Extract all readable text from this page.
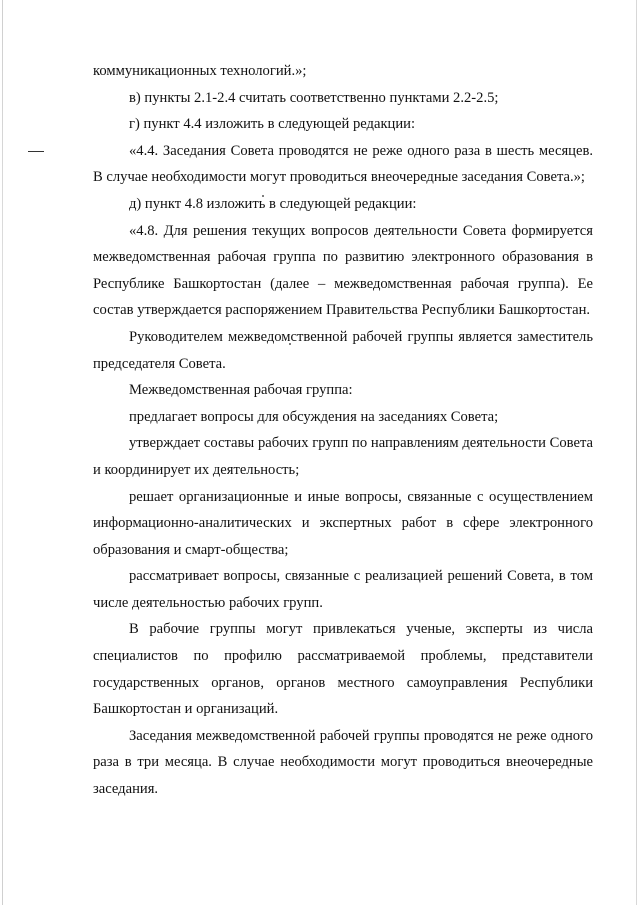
коммуникационных технологий.»;

в) пункты 2.1-2.4 считать соответственно пунктами 2.2-2.5;

г) пункт 4.4 изложить в следующей редакции:

«4.4. Заседания Совета проводятся не реже одного раза в шесть месяцев. В случае необходимости могут проводиться внеочередные заседания Совета.»;

д) пункт 4.8 изложить в следующей редакции:

«4.8. Для решения текущих вопросов деятельности Совета формируется межведомственная рабочая группа по развитию электронного образования в Республике Башкортостан (далее – межведомственная рабочая группа). Ее состав утверждается распоряжением Правительства Республики Башкортостан.

Руководителем межведомственной рабочей группы является заместитель председателя Совета.

Межведомственная рабочая группа:

предлагает вопросы для обсуждения на заседаниях Совета;

утверждает составы рабочих групп по направлениям деятельности Совета и координирует их деятельность;

решает организационные и иные вопросы, связанные с осуществлением информационно-аналитических и экспертных работ в сфере электронного образования и смарт-общества;

рассматривает вопросы, связанные с реализацией решений Совета, в том числе деятельностью рабочих групп.

В рабочие группы могут привлекаться ученые, эксперты из числа специалистов по профилю рассматриваемой проблемы, представители государственных органов, органов местного самоуправления Республики Башкортостан и организаций.

Заседания межведомственной рабочей группы проводятся не реже одного раза в три месяца. В случае необходимости могут проводиться внеочередные заседания.
